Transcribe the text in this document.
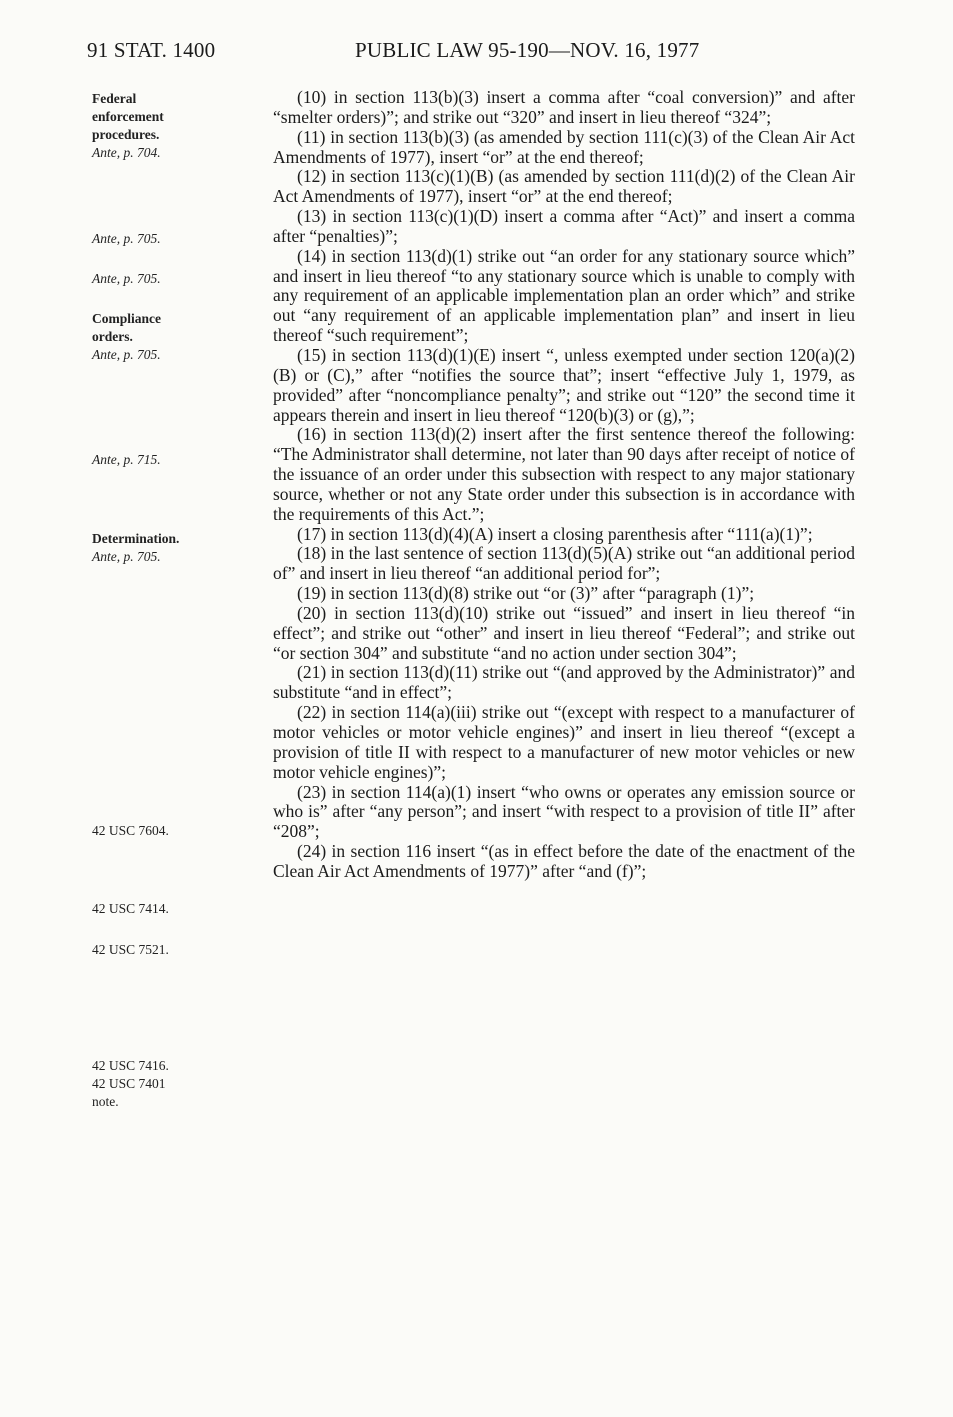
91 STAT. 1400	PUBLIC LAW 95-190—NOV. 16, 1977
Federal
enforcement
procedures.
Ante, p. 704.
Ante, p. 705.
Ante, p. 705.
Compliance
orders.
Ante, p. 705.
Ante, p. 715.
Determination.
Ante, p. 705.
42 USC 7604.
42 USC 7414.
42 USC 7521.
42 USC 7416.
42 USC 7401
note.

(10) in section 113(b)(3) insert a comma after “coal conversion)” and after “smelter orders)”; and strike out “320” and insert in lieu thereof “324”;

(11) in section 113(b)(3) (as amended by section 111(c)(3) of the Clean Air Act Amendments of 1977), insert “or” at the end thereof;

(12) in section 113(c)(1)(B) (as amended by section 111(d)(2) of the Clean Air Act Amendments of 1977), insert “or” at the end thereof;

(13) in section 113(c)(1)(D) insert a comma after “Act)” and insert a comma after “penalties)”;

(14) in section 113(d)(1) strike out “an order for any stationary source which” and insert in lieu thereof “to any stationary source which is unable to comply with any requirement of an applicable implementation plan an order which” and strike out “any requirement of an applicable implementation plan” and insert in lieu thereof “such requirement”;

(15) in section 113(d)(1)(E) insert “, unless exempted under section 120(a)(2)(B) or (C),” after “notifies the source that”; insert “effective July 1, 1979, as provided” after “noncompliance penalty”; and strike out “120” the second time it appears therein and insert in lieu thereof “120(b)(3) or (g),”;

(16) in section 113(d)(2) insert after the first sentence thereof the following: “The Administrator shall determine, not later than 90 days after receipt of notice of the issuance of an order under this subsection with respect to any major stationary source, whether or not any State order under this subsection is in accordance with the requirements of this Act.”;

(17) in section 113(d)(4)(A) insert a closing parenthesis after “111(a)(1)”;

(18) in the last sentence of section 113(d)(5)(A) strike out “an additional period of” and insert in lieu thereof “an additional period for”;

(19) in section 113(d)(8) strike out “or (3)” after “paragraph (1)”;

(20) in section 113(d)(10) strike out “issued” and insert in lieu thereof “in effect”; and strike out “other” and insert in lieu thereof “Federal”; and strike out “or section 304” and substitute “and no action under section 304”;

(21) in section 113(d)(11) strike out “(and approved by the Administrator)” and substitute “and in effect”;

(22) in section 114(a)(iii) strike out “(except with respect to a manufacturer of motor vehicles or motor vehicle engines)” and insert in lieu thereof “(except a provision of title II with respect to a manufacturer of new motor vehicles or new motor vehicle engines)”;

(23) in section 114(a)(1) insert “who owns or operates any emission source or who is” after “any person”; and insert “with respect to a provision of title II” after “208”;

(24) in section 116 insert “(as in effect before the date of the enactment of the Clean Air Act Amendments of 1977)” after “and (f)”;
